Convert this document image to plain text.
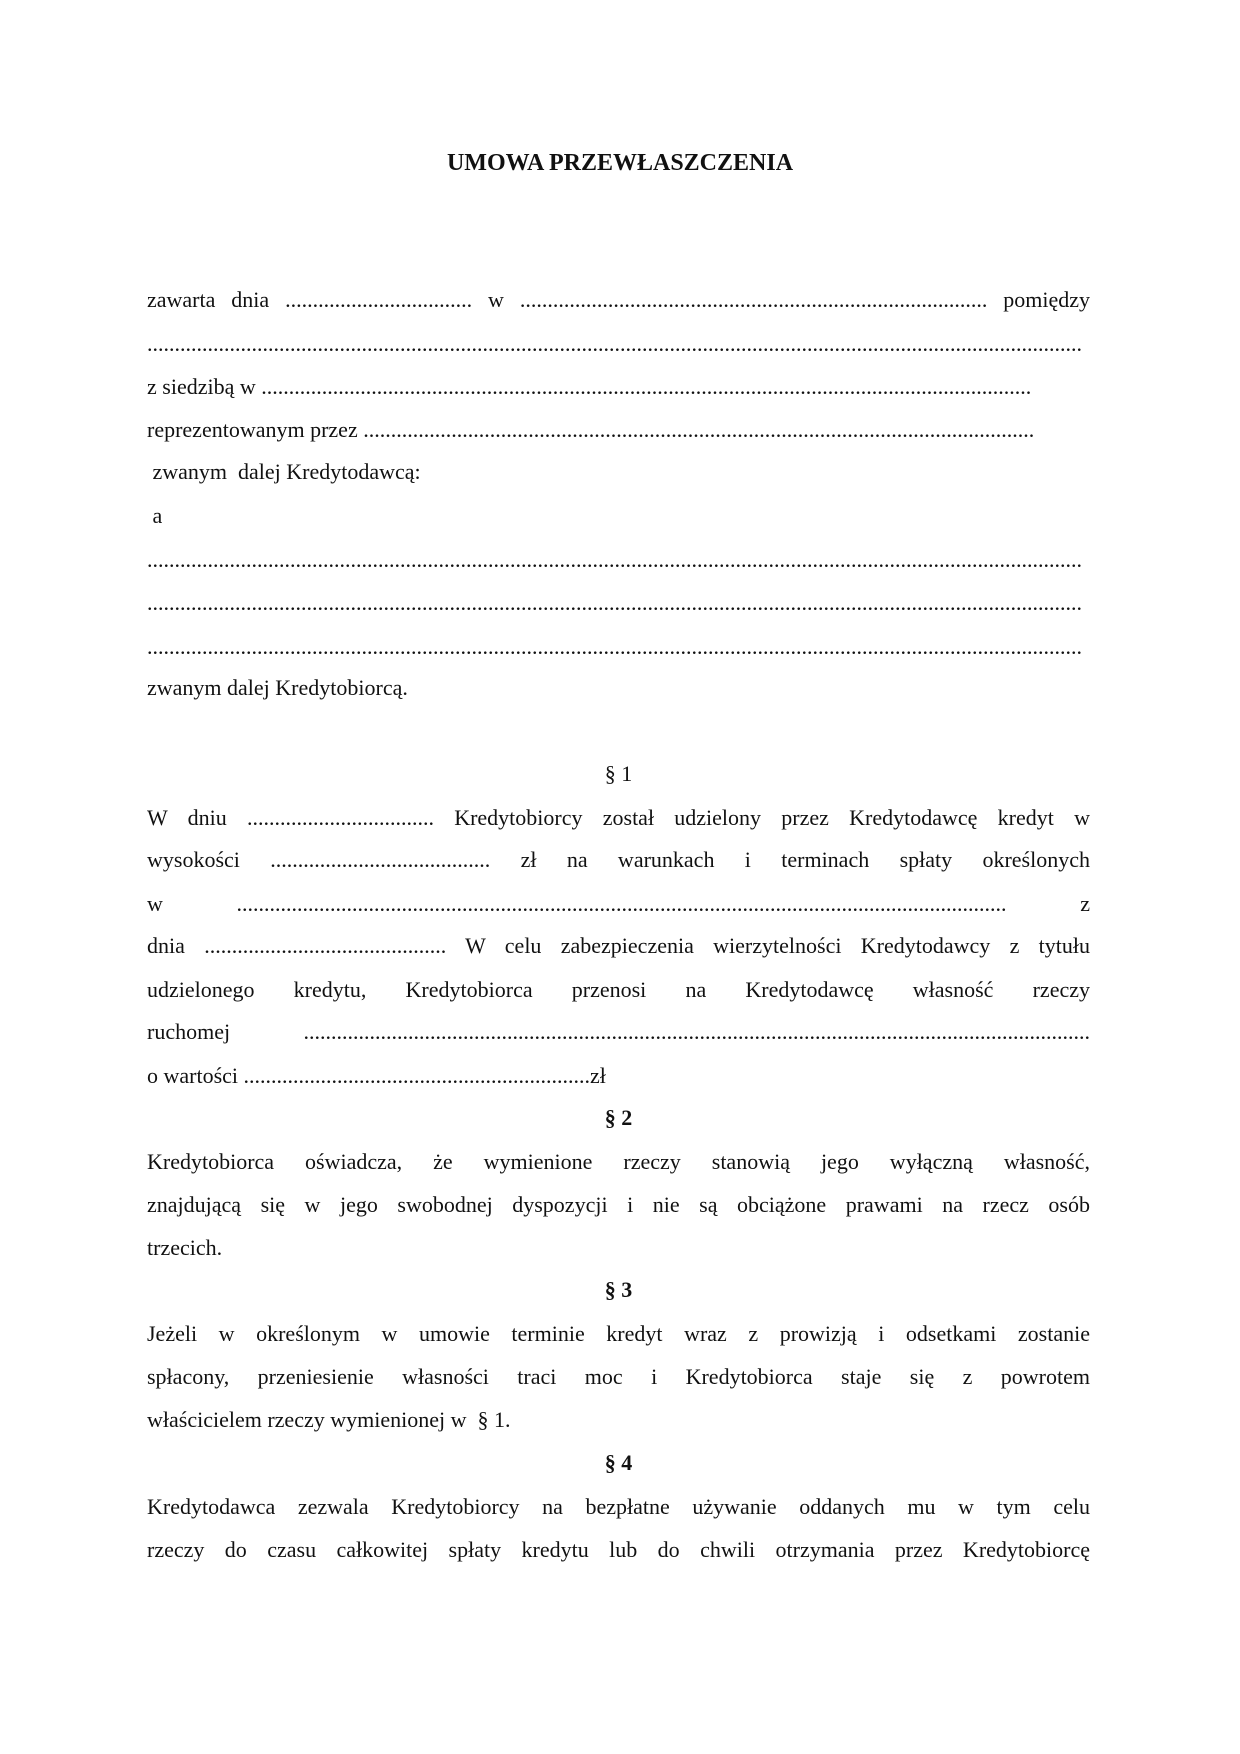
UMOWA PRZEWŁASZCZENIA
zawarta dnia .................................. w ..................................................................................... pomiędzy
..........................................................................................................................................................................
z siedzibą w ............................................................................................................................................
reprezentowanym przez ..........................................................................................................................
zwanym  dalej Kredytodawcą:
a
..........................................................................................................................................................................
..........................................................................................................................................................................
..........................................................................................................................................................................
zwanym dalej Kredytobiorcą.
§ 1
W dniu .................................. Kredytobiorcy został udzielony przez Kredytodawcę kredyt w
wysokości ........................................ zł na warunkach i terminach spłaty określonych
w ............................................................................................................................................ z
dnia ............................................ W celu zabezpieczenia wierzytelności Kredytodawcy z tytułu
udzielonego kredytu, Kredytobiorca przenosi na Kredytodawcę własność rzeczy
ruchomej ...............................................................................................................................................
o wartości ...............................................................zł
§ 2
Kredytobiorca oświadcza, że wymienione rzeczy stanowią jego wyłączną własność,
znajdującą się w jego swobodnej dyspozycji i nie są obciążone prawami na rzecz osób
trzecich.
§ 3
Jeżeli w określonym w umowie terminie kredyt wraz z prowizją i odsetkami zostanie
spłacony, przeniesienie własności traci moc i Kredytobiorca staje się z powrotem
właścicielem rzeczy wymienionej w  § 1.
§ 4
Kredytodawca zezwala Kredytobiorcy na bezpłatne używanie oddanych mu w tym celu
rzeczy do czasu całkowitej spłaty kredytu lub do chwili otrzymania przez Kredytobiorcę
